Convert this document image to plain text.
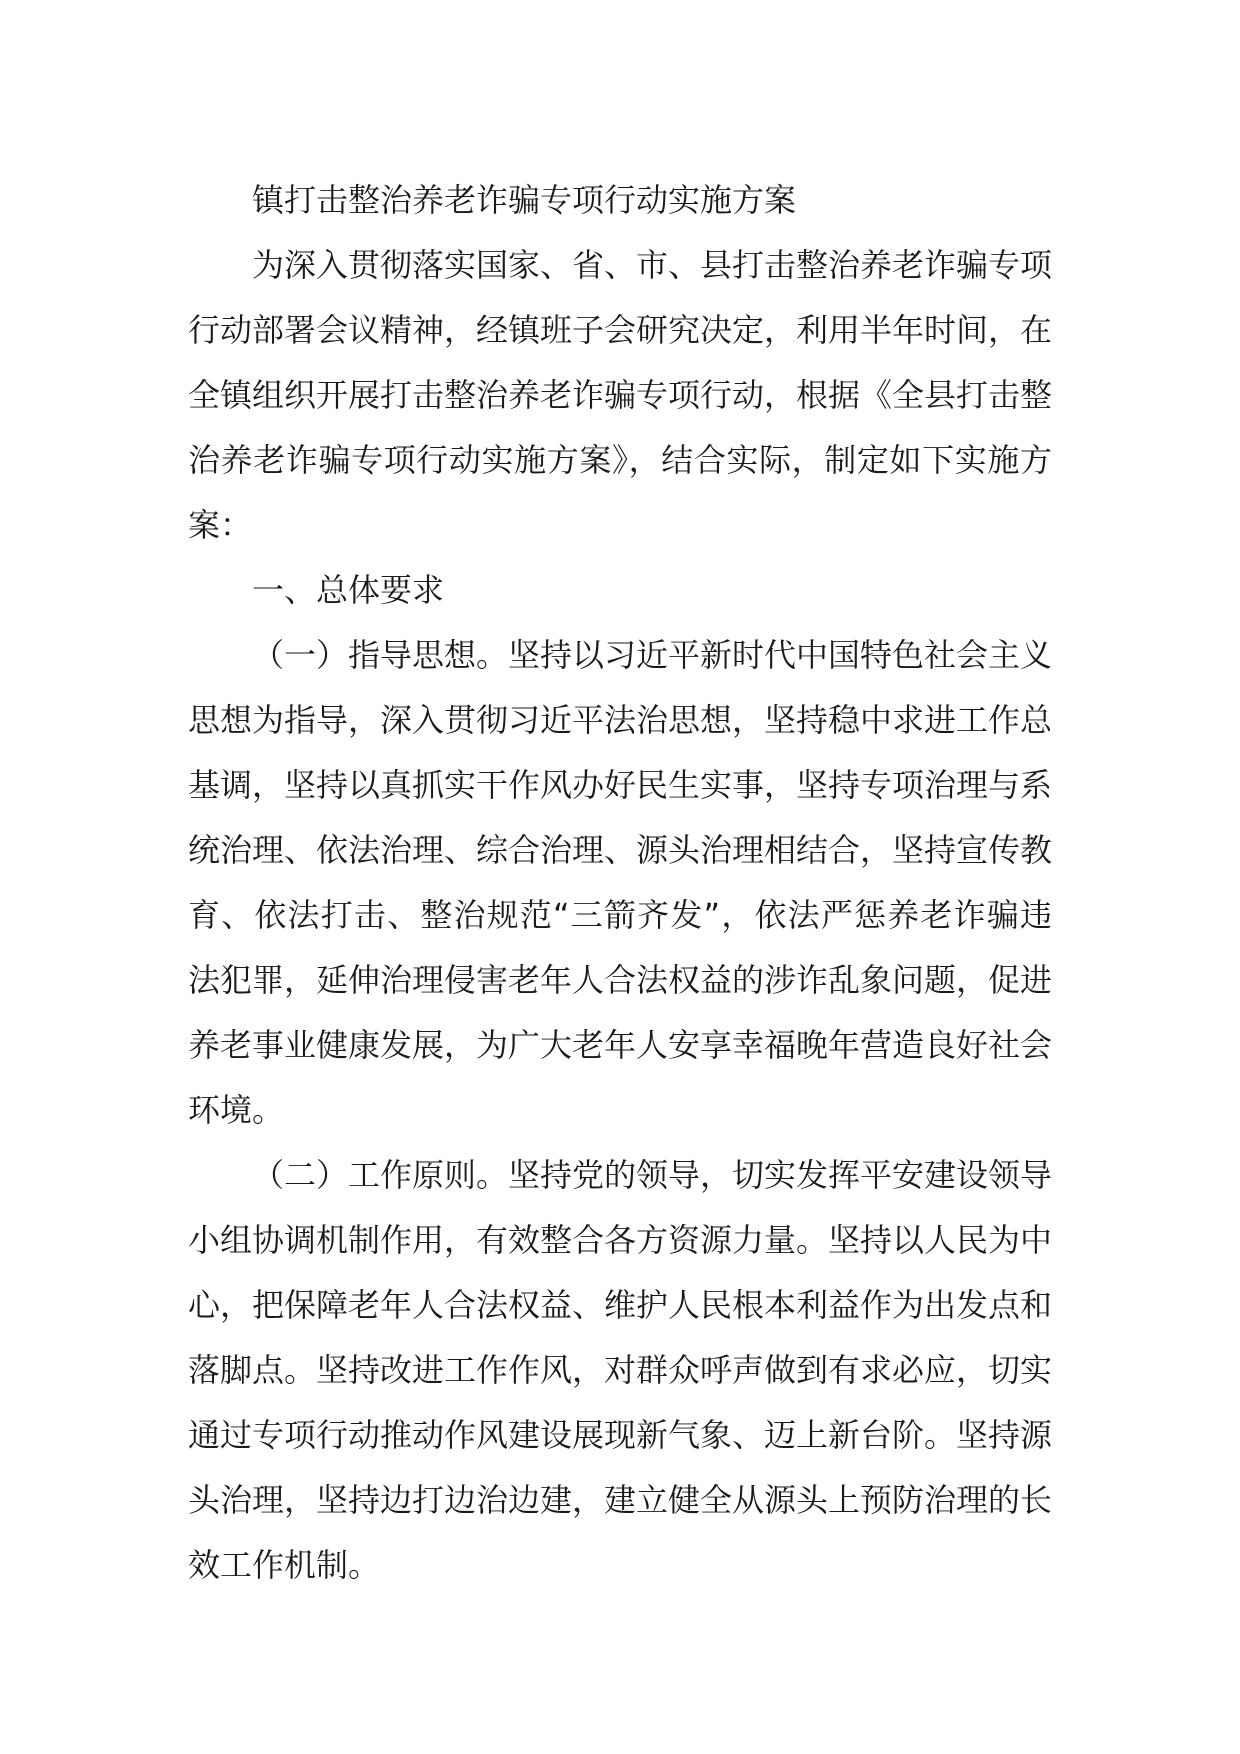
镇打击整治养老诈骗专项行动实施方案

为深入贯彻落实国家、省、市、县打击整治养老诈骗专项行动部署会议精神，经镇班子会研究决定，利用半年时间，在全镇组织开展打击整治养老诈骗专项行动，根据《全县打击整治养老诈骗专项行动实施方案》，结合实际，制定如下实施方案：

一、总体要求

（一）指导思想。坚持以习近平新时代中国特色社会主义思想为指导，深入贯彻习近平法治思想，坚持稳中求进工作总基调，坚持以真抓实干作风办好民生实事，坚持专项治理与系统治理、依法治理、综合治理、源头治理相结合，坚持宣传教育、依法打击、整治规范“三箭齐发”，依法严惩养老诈骗违法犯罪，延伸治理侵害老年人合法权益的涉诈乱象问题，促进养老事业健康发展，为广大老年人安享幸福晚年营造良好社会环境。

（二）工作原则。坚持党的领导，切实发挥平安建设领导小组协调机制作用，有效整合各方资源力量。坚持以人民为中心，把保障老年人合法权益、维护人民根本利益作为出发点和落脚点。坚持改进工作作风，对群众呼声做到有求必应，切实通过专项行动推动作风建设展现新气象、迈上新台阶。坚持源头治理，坚持边打边治边建，建立健全从源头上预防治理的长效工作机制。
